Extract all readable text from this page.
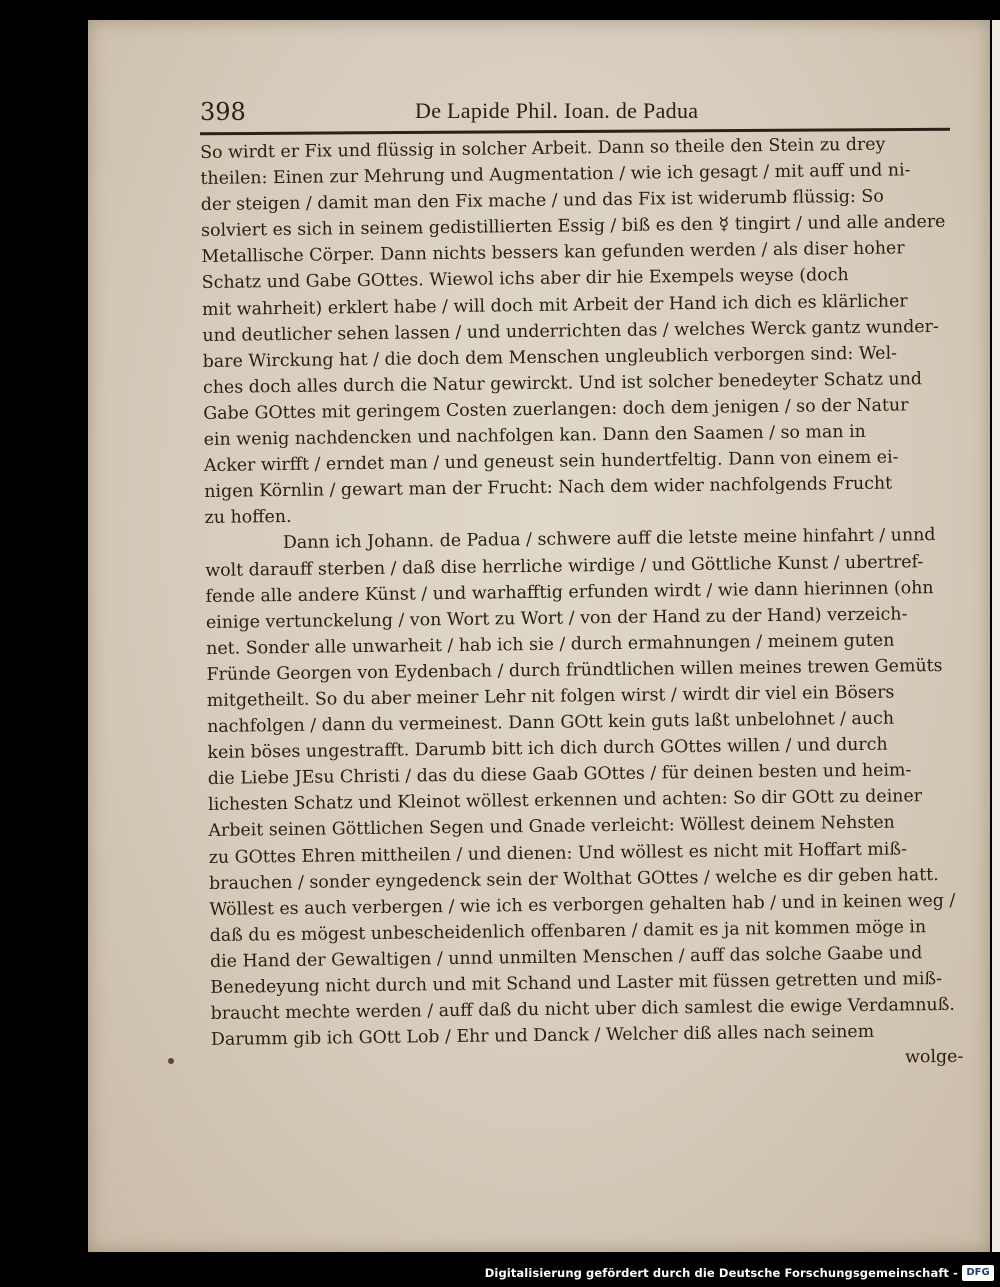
398	De Lapide Phil. Ioan. de Padua
So wirdt er Fix und flüssig in solcher Arbeit. Dann so theile den Stein zu drey
theilen: Einen zur Mehrung und Augmentation / wie ich gesagt / mit auff und ni-
der steigen / damit man den Fix mache / und das Fix ist widerumb flüssig: So
solviert es sich in seinem gedistillierten Essig / biß es den ☿ tingirt / und alle andere
Metallische Cörper. Dann nichts bessers kan gefunden werden / als diser hoher
Schatz und Gabe GOttes. Wiewol ichs aber dir hie Exempels weyse (doch
mit wahrheit) erklert habe / will doch mit Arbeit der Hand ich dich es klärlicher
und deutlicher sehen lassen / und underrichten das / welches Werck gantz wunder-
bare Wirckung hat / die doch dem Menschen ungleublich verborgen sind: Wel-
ches doch alles durch die Natur gewirckt. Und ist solcher benedeyter Schatz und
Gabe GOttes mit geringem Costen zuerlangen: doch dem jenigen / so der Natur
ein wenig nachdencken und nachfolgen kan. Dann den Saamen / so man in
Acker wirfft / erndet man / und geneust sein hundertfeltig. Dann von einem ei-
nigen Körnlin / gewart man der Frucht: Nach dem wider nachfolgends Frucht
zu hoffen.
Dann ich Johann. de Padua / schwere auff die letste meine hinfahrt / unnd
wolt darauff sterben / daß dise herrliche wirdige / und Göttliche Kunst / ubertref-
fende alle andere Künst / und warhafftig erfunden wirdt / wie dann hierinnen (ohn
einige vertunckelung / von Wort zu Wort / von der Hand zu der Hand) verzeich-
net. Sonder alle unwarheit / hab ich sie / durch ermahnungen / meinem guten
Fründe Georgen von Eydenbach / durch fründtlichen willen meines trewen Gemüts
mitgetheilt. So du aber meiner Lehr nit folgen wirst / wirdt dir viel ein Bösers
nachfolgen / dann du vermeinest. Dann GOtt kein guts laßt unbelohnet / auch
kein böses ungestrafft. Darumb bitt ich dich durch GOttes willen / und durch
die Liebe JEsu Christi / das du diese Gaab GOttes / für deinen besten und heim-
lichesten Schatz und Kleinot wöllest erkennen und achten: So dir GOtt zu deiner
Arbeit seinen Göttlichen Segen und Gnade verleicht: Wöllest deinem Nehsten
zu GOttes Ehren mittheilen / und dienen: Und wöllest es nicht mit Hoffart miß-
brauchen / sonder eyngedenck sein der Wolthat GOttes / welche es dir geben hatt.
Wöllest es auch verbergen / wie ich es verborgen gehalten hab / und in keinen weg /
daß du es mögest unbescheidenlich offenbaren / damit es ja nit kommen möge in
die Hand der Gewaltigen / unnd unmilten Menschen / auff das solche Gaabe und
Benedeyung nicht durch und mit Schand und Laster mit füssen getretten und miß-
braucht mechte werden / auff daß du nicht uber dich samlest die ewige Verdamnuß.
Darumm gib ich GOtt Lob / Ehr und Danck / Welcher diß alles nach seinem
wolge-
Digitalisierung gefördert durch die Deutsche Forschungsgemeinschaft - DFG
